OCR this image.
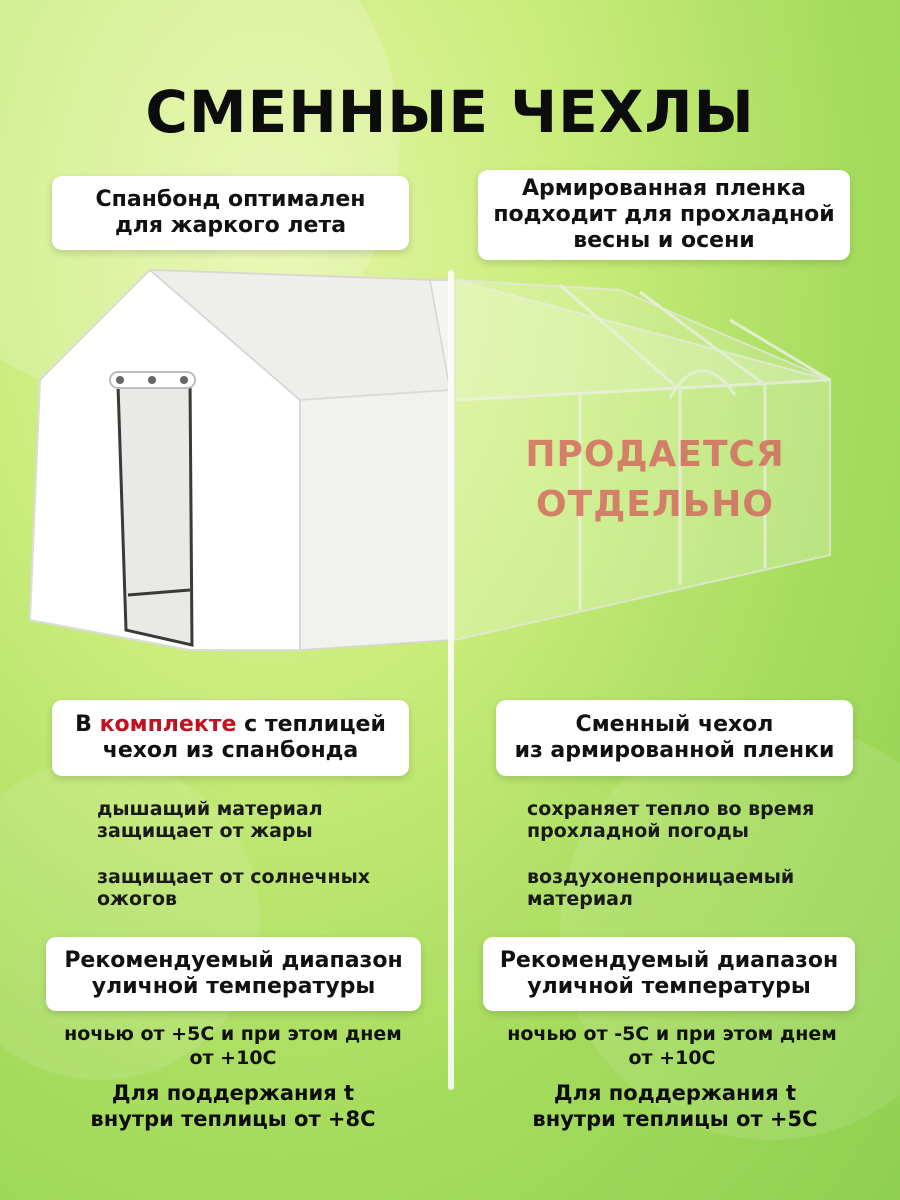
СМЕННЫЕ ЧЕХЛЫ
Спанбонд оптимален
для жаркого лета
Армированная пленка
подходит для прохладной
весны и осени
ПРОДАЕТСЯ
ОТДЕЛЬНО
В комплекте с теплицей
чехол из спанбонда
Сменный чехол
из армированной пленки

дышащий материал

защищает от жары

защищает от солнечных

ожогов

сохраняет тепло во время

прохладной погоды

воздухонепроницаемый

материал

Рекомендуемый диапазон
уличной температуры
Рекомендуемый диапазон
уличной температуры
ночью от +5С и при этом днем
от +10С
ночью от -5С и при этом днем
от +10С
Для поддержания t
внутри теплицы от +8С
Для поддержания t
внутри теплицы от +5С
